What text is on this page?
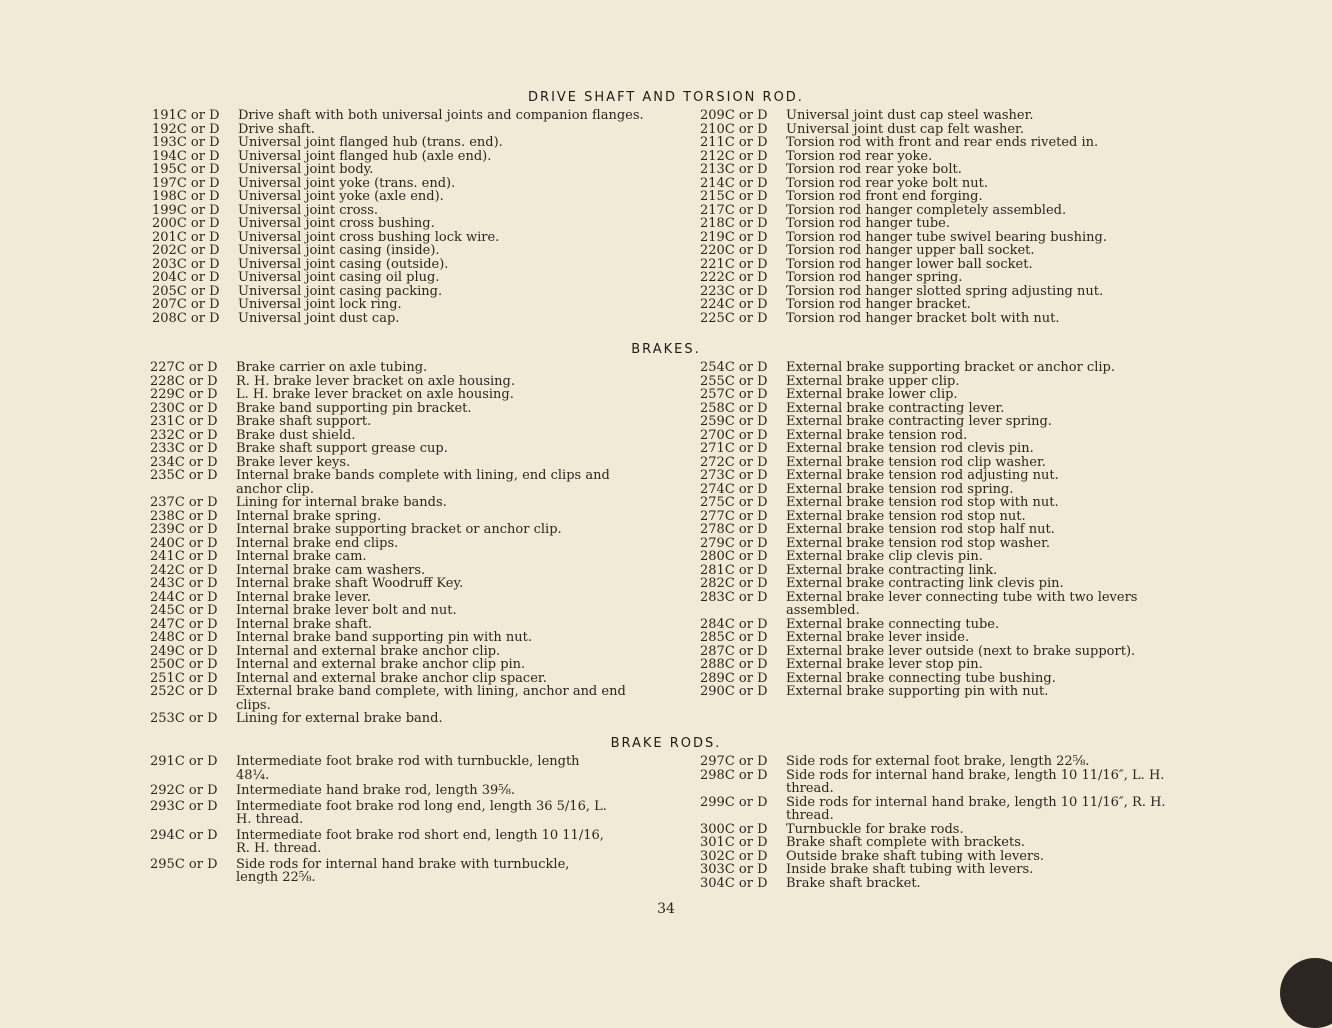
DRIVE SHAFT AND TORSION ROD.
191C or D Drive shaft with both universal joints and companion flanges.
192C or D Drive shaft.
193C or D Universal joint flanged hub (trans. end).
194C or D Universal joint flanged hub (axle end).
195C or D Universal joint body.
197C or D Universal joint yoke (trans. end).
198C or D Universal joint yoke (axle end).
199C or D Universal joint cross.
200C or D Universal joint cross bushing.
201C or D Universal joint cross bushing lock wire.
202C or D Universal joint casing (inside).
203C or D Universal joint casing (outside).
204C or D Universal joint casing oil plug.
205C or D Universal joint casing packing.
207C or D Universal joint lock ring.
208C or D Universal joint dust cap.
209C or D Universal joint dust cap steel washer.
210C or D Universal joint dust cap felt washer.
211C or D Torsion rod with front and rear ends riveted in.
212C or D Torsion rod rear yoke.
213C or D Torsion rod rear yoke bolt.
214C or D Torsion rod rear yoke bolt nut.
215C or D Torsion rod front end forging.
217C or D Torsion rod hanger completely assembled.
218C or D Torsion rod hanger tube.
219C or D Torsion rod hanger tube swivel bearing bushing.
220C or D Torsion rod hanger upper ball socket.
221C or D Torsion rod hanger lower ball socket.
222C or D Torsion rod hanger spring.
223C or D Torsion rod hanger slotted spring adjusting nut.
224C or D Torsion rod hanger bracket.
225C or D Torsion rod hanger bracket bolt with nut.
BRAKES.
227C or D Brake carrier on axle tubing.
228C or D R. H. brake lever bracket on axle housing.
229C or D L. H. brake lever bracket on axle housing.
230C or D Brake band supporting pin bracket.
231C or D Brake shaft support.
232C or D Brake dust shield.
233C or D Brake shaft support grease cup.
234C or D Brake lever keys.
235C or D Internal brake bands complete with lining, end clips and anchor clip.
237C or D Lining for internal brake bands.
238C or D Internal brake spring.
239C or D Internal brake supporting bracket or anchor clip.
240C or D Internal brake end clips.
241C or D Internal brake cam.
242C or D Internal brake cam washers.
243C or D Internal brake shaft Woodruff Key.
244C or D Internal brake lever.
245C or D Internal brake lever bolt and nut.
247C or D Internal brake shaft.
248C or D Internal brake band supporting pin with nut.
249C or D Internal and external brake anchor clip.
250C or D Internal and external brake anchor clip pin.
251C or D Internal and external brake anchor clip spacer.
252C or D External brake band complete, with lining, anchor and end clips.
253C or D Lining for external brake band.
254C or D External brake supporting bracket or anchor clip.
255C or D External brake upper clip.
257C or D External brake lower clip.
258C or D External brake contracting lever.
259C or D External brake contracting lever spring.
270C or D External brake tension rod.
271C or D External brake tension rod clevis pin.
272C or D External brake tension rod clip washer.
273C or D External brake tension rod adjusting nut.
274C or D External brake tension rod spring.
275C or D External brake tension rod stop with nut.
277C or D External brake tension rod stop nut.
278C or D External brake tension rod stop half nut.
279C or D External brake tension rod stop washer.
280C or D External brake clip clevis pin.
281C or D External brake contracting link.
282C or D External brake contracting link clevis pin.
283C or D External brake lever connecting tube with two levers assembled.
284C or D External brake connecting tube.
285C or D External brake lever inside.
287C or D External brake lever outside (next to brake support).
288C or D External brake lever stop pin.
289C or D External brake connecting tube bushing.
290C or D External brake supporting pin with nut.
BRAKE RODS.
291C or D Intermediate foot brake rod with turnbuckle, length 48¼.
292C or D Intermediate hand brake rod, length 39⅝.
293C or D Intermediate foot brake rod long end, length 36 5/16, L. H. thread.
294C or D Intermediate foot brake rod short end, length 10 11/16, R. H. thread.
295C or D Side rods for internal hand brake with turnbuckle, length 22⅝.
297C or D Side rods for external foot brake, length 22⅝.
298C or D Side rods for internal hand brake, length 10 11/16″, L. H. thread.
299C or D Side rods for internal hand brake, length 10 11/16″, R. H. thread.
300C or D Turnbuckle for brake rods.
301C or D Brake shaft complete with brackets.
302C or D Outside brake shaft tubing with levers.
303C or D Inside brake shaft tubing with levers.
304C or D Brake shaft bracket.
34
